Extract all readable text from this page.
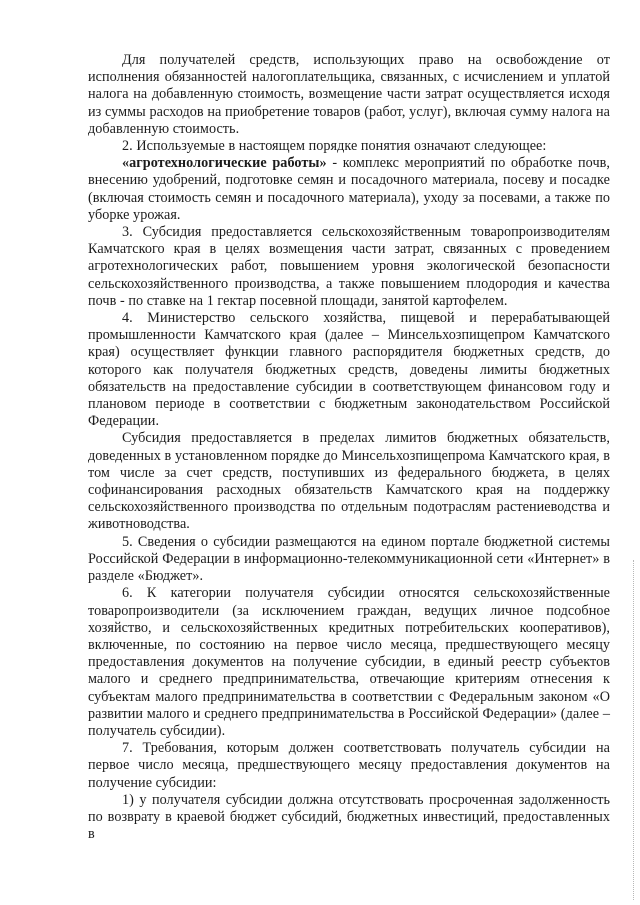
Для получателей средств, использующих право на освобождение от исполнения обязанностей налогоплательщика, связанных, с исчислением и уплатой налога на добавленную стоимость, возмещение части затрат осуществляется исходя из суммы расходов на приобретение товаров (работ, услуг), включая сумму налога на добавленную стоимость.

2. Используемые в настоящем порядке понятия означают следующее:

«агротехнологические работы» - комплекс мероприятий по обработке почв, внесению удобрений, подготовке семян и посадочного материала, посеву и посадке (включая стоимость семян и посадочного материала), уходу за посевами, а также по уборке урожая.

3. Субсидия предоставляется сельскохозяйственным товаропроизводителям Камчатского края в целях возмещения части затрат, связанных с проведением агротехнологических работ, повышением уровня экологической безопасности сельскохозяйственного производства, а также повышением плодородия и качества почв - по ставке на 1 гектар посевной площади, занятой картофелем.

4. Министерство сельского хозяйства, пищевой и перерабатывающей промышленности Камчатского края (далее – Минсельхозпищепром Камчатского края) осуществляет функции главного распорядителя бюджетных средств, до которого как получателя бюджетных средств, доведены лимиты бюджетных обязательств на предоставление субсидии в соответствующем финансовом году и плановом периоде в соответствии с бюджетным законодательством Российской Федерации.

Субсидия предоставляется в пределах лимитов бюджетных обязательств, доведенных в установленном порядке до Минсельхозпищепрома Камчатского края, в том числе за счет средств, поступивших из федерального бюджета, в целях софинансирования расходных обязательств Камчатского края на поддержку сельскохозяйственного производства по отдельным подотраслям растениеводства и животноводства.

5. Сведения о субсидии размещаются на едином портале бюджетной системы Российской Федерации в информационно-телекоммуникационной сети «Интернет» в разделе «Бюджет».

6. К категории получателя субсидии относятся сельскохозяйственные товаропроизводители (за исключением граждан, ведущих личное подсобное хозяйство, и сельскохозяйственных кредитных потребительских кооперативов), включенные, по состоянию на первое число месяца, предшествующего месяцу предоставления документов на получение субсидии, в единый реестр субъектов малого и среднего предпринимательства, отвечающие критериям отнесения к субъектам малого предпринимательства в соответствии с Федеральным законом «О развитии малого и среднего предпринимательства в Российской Федерации» (далее – получатель субсидии).

7. Требования, которым должен соответствовать получатель субсидии на первое число месяца, предшествующего месяцу предоставления документов на получение субсидии:

1) у получателя субсидии должна отсутствовать просроченная задолженность по возврату в краевой бюджет субсидий, бюджетных инвестиций, предоставленных в
